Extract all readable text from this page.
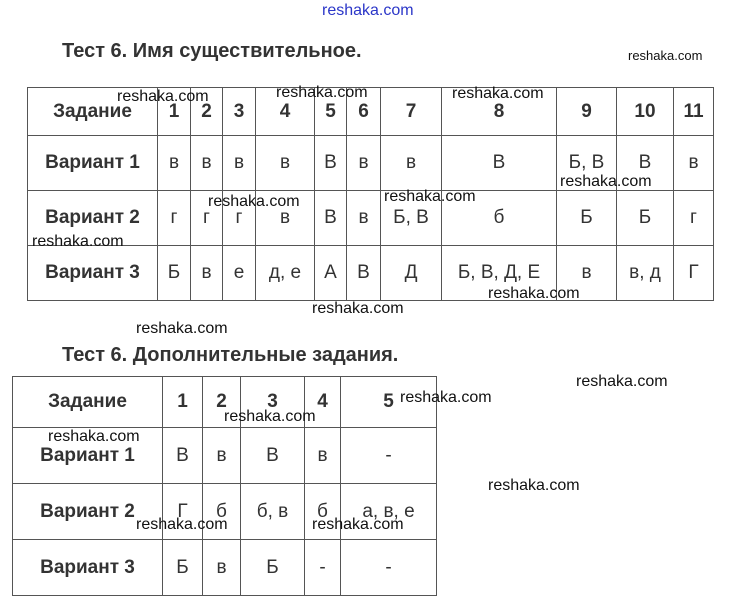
reshaka.com
Тест 6. Имя существительное.
Задание	1	2	3	4	5	6	7	8	9	10	11
Вариант 1	в	в	в	в	В	в	в	В	Б, В	В	в
Вариант 2	г	г	г	в	В	в	Б, В	б	Б	Б	г
Вариант 3	Б	в	е	д, е	А	В	Д	Б, В, Д, Е	в	в, д	Г
Тест 6. Дополнительные задания.
Задание	1	2	3	4	5
Вариант 1	В	в	В	в	-
Вариант 2	Г	б	б, в	б	а, в, е
Вариант 3	Б	в	Б	-	-
reshaka.com
reshaka.com	reshaka.com	reshaka.com
reshaka.com
reshaka.com	reshaka.com
reshaka.com
reshaka.com
reshaka.com
reshaka.com
reshaka.com
reshaka.com
reshaka.com
reshaka.com
reshaka.com
reshaka.com	reshaka.com
